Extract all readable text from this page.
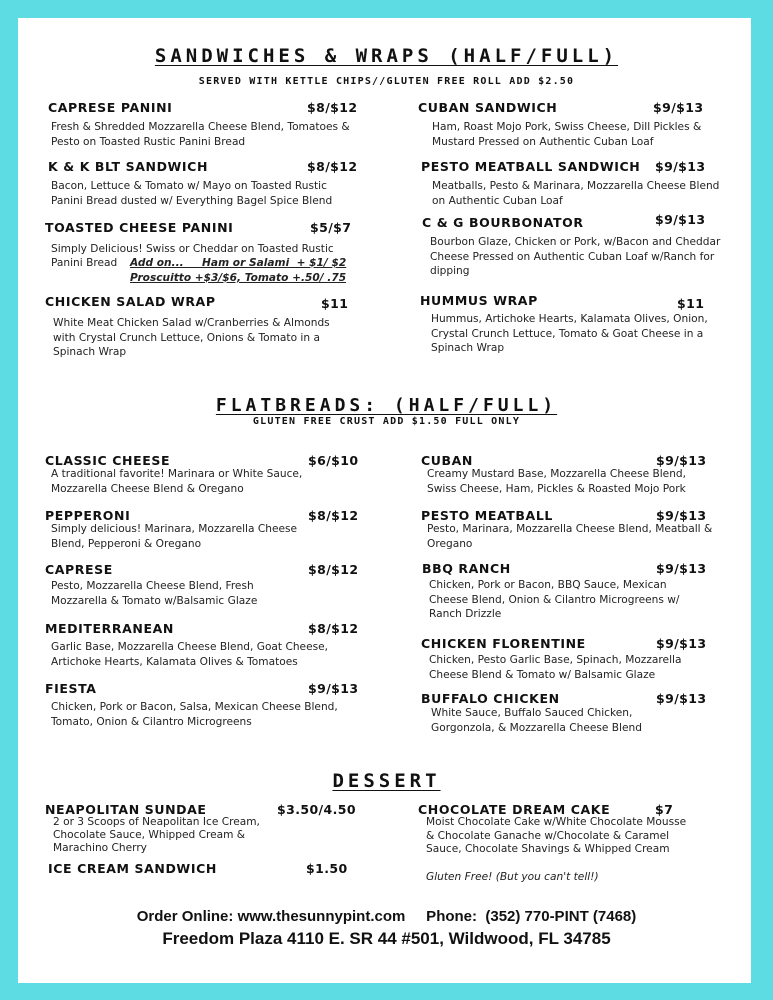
SANDWICHES & WRAPS (HALF/FULL)
SERVED WITH KETTLE CHIPS//GLUTEN FREE ROLL ADD $2.50
CAPRESE PANINI	$8/$12
Fresh & Shredded Mozzarella Cheese Blend, Tomatoes & Pesto on Toasted Rustic Panini Bread
K & K BLT SANDWICH	$8/$12
Bacon, Lettuce & Tomato w/ Mayo on Toasted Rustic Panini Bread dusted w/ Everything Bagel Spice Blend
TOASTED CHEESE PANINI	$5/$7
Simply Delicious! Swiss or Cheddar on Toasted Rustic
Panini Bread Add on...     Ham or Salami  + $1/ $2
Proscuitto +$3/$6, Tomato +.50/ .75
CHICKEN SALAD WRAP	$11
White Meat Chicken Salad w/Cranberries & Almonds with Crystal Crunch Lettuce, Onions & Tomato in a Spinach Wrap
CUBAN SANDWICH	$9/$13
Ham, Roast Mojo Pork, Swiss Cheese, Dill Pickles & Mustard Pressed on Authentic Cuban Loaf
PESTO MEATBALL SANDWICH $9/$13
Meatballs, Pesto & Marinara, Mozzarella Cheese Blend on Authentic Cuban Loaf
C & G BOURBONATOR	$9/$13
Bourbon Glaze, Chicken or Pork, w/Bacon and Cheddar Cheese Pressed on Authentic Cuban Loaf w/Ranch for dipping
HUMMUS WRAP	$11
Hummus, Artichoke Hearts, Kalamata Olives, Onion, Crystal Crunch Lettuce, Tomato & Goat Cheese in a Spinach Wrap
FLATBREADS: (HALF/FULL)
GLUTEN FREE CRUST ADD $1.50 FULL ONLY
CLASSIC CHEESE	$6/$10
A traditional favorite! Marinara or White Sauce, Mozzarella Cheese Blend & Oregano
PEPPERONI	$8/$12
Simply delicious! Marinara, Mozzarella Cheese Blend, Pepperoni & Oregano
CAPRESE	$8/$12
Pesto, Mozzarella Cheese Blend, Fresh Mozzarella & Tomato w/Balsamic Glaze
MEDITERRANEAN	$8/$12
Garlic Base, Mozzarella Cheese Blend, Goat Cheese, Artichoke Hearts, Kalamata Olives & Tomatoes
FIESTA	$9/$13
Chicken, Pork or Bacon, Salsa, Mexican Cheese Blend, Tomato, Onion & Cilantro Microgreens
CUBAN	$9/$13
Creamy Mustard Base, Mozzarella Cheese Blend, Swiss Cheese, Ham, Pickles & Roasted Mojo Pork
PESTO MEATBALL	$9/$13
Pesto, Marinara, Mozzarella Cheese Blend, Meatball & Oregano
BBQ RANCH	$9/$13
Chicken, Pork or Bacon, BBQ Sauce, Mexican Cheese Blend, Onion & Cilantro Microgreens w/ Ranch Drizzle
CHICKEN FLORENTINE	$9/$13
Chicken, Pesto Garlic Base, Spinach, Mozzarella Cheese Blend & Tomato w/ Balsamic Glaze
BUFFALO CHICKEN	$9/$13
White Sauce, Buffalo Sauced Chicken, Gorgonzola, & Mozzarella Cheese Blend
DESSERT
NEAPOLITAN SUNDAE	$3.50/4.50
2 or 3 Scoops of Neapolitan Ice Cream, Chocolate Sauce, Whipped Cream & Marachino Cherry
ICE CREAM SANDWICH	$1.50
CHOCOLATE DREAM CAKE	$7
Moist Chocolate Cake w/White Chocolate Mousse & Chocolate Ganache w/Chocolate & Caramel Sauce, Chocolate Shavings & Whipped Cream
Gluten Free! (But you can't tell!)
Order Online: www.thesunnypint.com     Phone:  (352) 770-PINT (7468)
Freedom Plaza 4110 E. SR 44 #501, Wildwood, FL 34785
